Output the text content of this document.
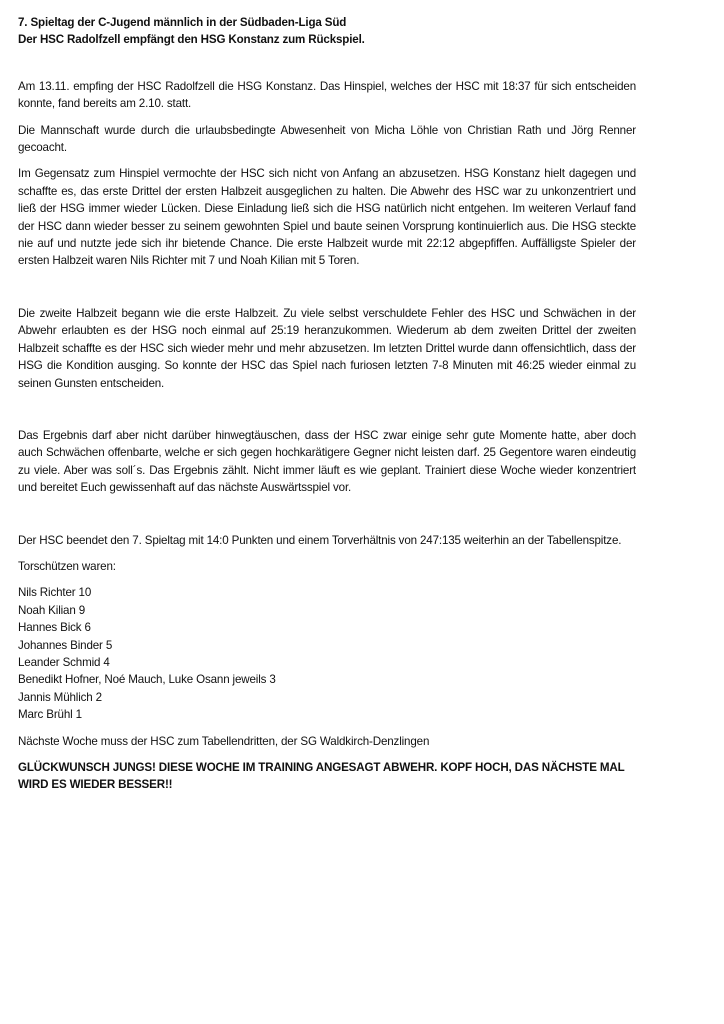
7. Spieltag der C-Jugend männlich in der Südbaden-Liga Süd
Der HSC Radolfzell empfängt den HSG Konstanz zum Rückspiel.

Am 13.11. empfing der HSC Radolfzell die HSG Konstanz. Das Hinspiel, welches der HSC mit 18:37 für sich entscheiden konnte, fand bereits am 2.10. statt.

Die Mannschaft wurde durch die urlaubsbedingte Abwesenheit von Micha Löhle von Christian Rath und Jörg Renner gecoacht.

Im Gegensatz zum Hinspiel vermochte der HSC sich nicht von Anfang an abzusetzen. HSG Konstanz hielt dagegen und schaffte es, das erste Drittel der ersten Halbzeit ausgeglichen zu halten. Die Abwehr des HSC war zu unkonzentriert und ließ der HSG immer wieder Lücken. Diese Einladung ließ sich die HSG natürlich nicht entgehen. Im weiteren Verlauf fand der HSC dann wieder besser zu seinem gewohnten Spiel und baute seinen Vorsprung kontinuierlich aus. Die HSG steckte nie auf und nutzte jede sich ihr bietende Chance. Die erste Halbzeit wurde mit 22:12 abgepfiffen. Auffälligste Spieler der ersten Halbzeit waren Nils Richter mit 7 und Noah Kilian mit 5 Toren.

Die zweite Halbzeit begann wie die erste Halbzeit. Zu viele selbst verschuldete Fehler des HSC und Schwächen in der Abwehr erlaubten es der HSG noch einmal auf 25:19 heranzukommen. Wiederum ab dem zweiten Drittel der zweiten Halbzeit schaffte es der HSC sich wieder mehr und mehr abzusetzen. Im letzten Drittel wurde dann offensichtlich, dass der HSG die Kondition ausging. So konnte der HSC das Spiel nach furiosen letzten 7-8 Minuten mit 46:25 wieder einmal zu seinen Gunsten entscheiden.

Das Ergebnis darf aber nicht darüber hinwegtäuschen, dass der HSC zwar einige sehr gute Momente hatte, aber doch auch Schwächen offenbarte, welche er sich gegen hochkarätigere Gegner nicht leisten darf. 25 Gegentore waren eindeutig zu viele. Aber was soll´s. Das Ergebnis zählt. Nicht immer läuft es wie geplant. Trainiert diese Woche wieder konzentriert und bereitet Euch gewissenhaft auf das nächste Auswärtsspiel vor.

Der HSC beendet den 7. Spieltag mit 14:0 Punkten und einem Torverhältnis von 247:135 weiterhin an der Tabellenspitze.

Torschützen waren:

Nils Richter 10
Noah Kilian 9
Hannes Bick 6
Johannes Binder 5
Leander Schmid 4
Benedikt Hofner, Noé Mauch, Luke Osann jeweils 3
Jannis Mühlich 2
Marc Brühl 1

Nächste Woche muss der HSC zum Tabellendritten, der SG Waldkirch-Denzlingen

GLÜCKWUNSCH JUNGS! DIESE WOCHE IM TRAINING ANGESAGT ABWEHR. KOPF HOCH, DAS NÄCHSTE MAL WIRD ES WIEDER BESSER!!
